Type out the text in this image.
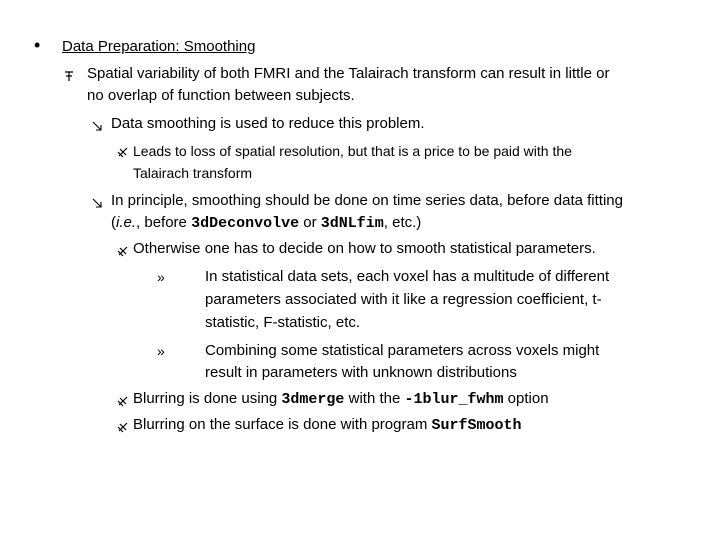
• Data Preparation: Smoothing
Spatial variability of both FMRI and the Talairach transform can result in little or
no overlap of function between subjects.
Data smoothing is used to reduce this problem.
Leads to loss of spatial resolution, but that is a price to be paid with the
Talairach transform
In principle, smoothing should be done on time series data, before data fitting
(i.e., before 3dDeconvolve or 3dNLfim, etc.)
Otherwise one has to decide on how to smooth statistical parameters.
»	In statistical data sets, each voxel has a multitude of different
parameters associated with it like a regression coefficient, t-
statistic, F-statistic, etc.
»	Combining some statistical parameters across voxels might
result in parameters with unknown distributions
Blurring is done using 3dmerge with the -1blur_fwhm option
Blurring on the surface is done with program SurfSmooth
